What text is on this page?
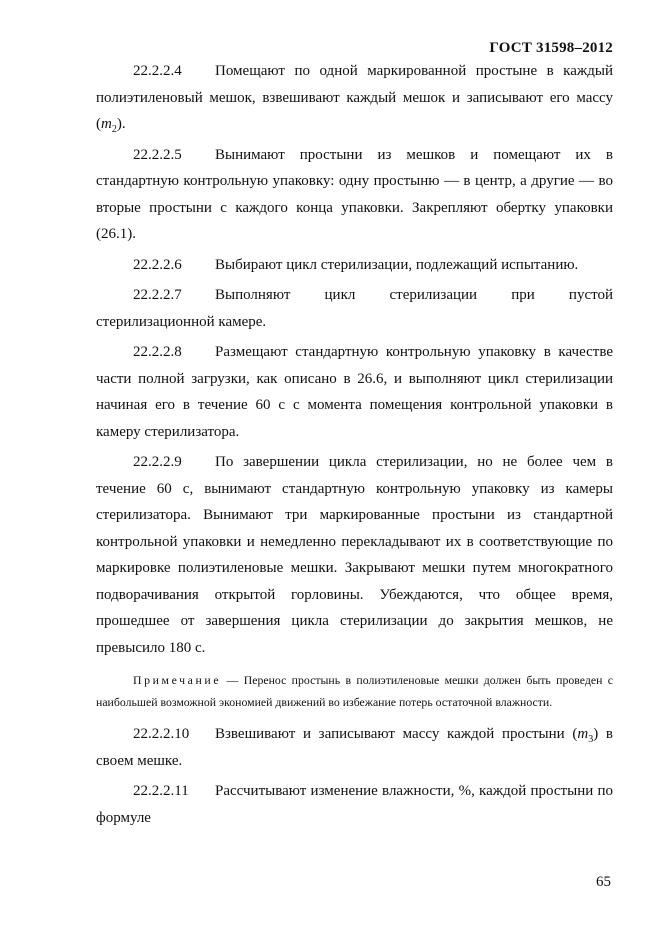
ГОСТ 31598–2012

22.2.2.4 Помещают по одной маркированной простыне в каждый полиэтиленовый мешок, взвешивают каждый мешок и записывают его массу $(m_2)$.

22.2.2.5 Вынимают простыни из мешков и помещают их в стандартную контрольную упаковку: одну простыню — в центр, а другие — во вторые простыни с каждого конца упаковки. Закрепляют обертку упаковки (26.1).

22.2.2.6 Выбирают цикл стерилизации, подлежащий испытанию.

22.2.2.7 Выполняют цикл стерилизации при пустой стерилизационной камере.

22.2.2.8 Размещают стандартную контрольную упаковку в качестве части полной загрузки, как описано в 26.6, и выполняют цикл стерилизации начиная его в течение 60 с с момента помещения контрольной упаковки в камеру стерилизатора.

22.2.2.9 По завершении цикла стерилизации, но не более чем в течение 60 с, вынимают стандартную контрольную упаковку из камеры стерилизатора. Вынимают три маркированные простыни из стандартной контрольной упаковки и немедленно перекладывают их в соответствующие по маркировке полиэтиленовые мешки. Закрывают мешки путем многократного подворачивания открытой горловины. Убеждаются, что общее время, прошедшее от завершения цикла стерилизации до закрытия мешков, не превысило 180 с.

Примечание — Перенос простынь в полиэтиленовые мешки должен быть проведен с наибольшей возможной экономией движений во избежание потерь остаточной влажности.

22.2.2.10 Взвешивают и записывают массу каждой простыни $(m_3)$ в своем мешке.

22.2.2.11 Рассчитывают изменение влажности, %, каждой простыни по формуле

65
